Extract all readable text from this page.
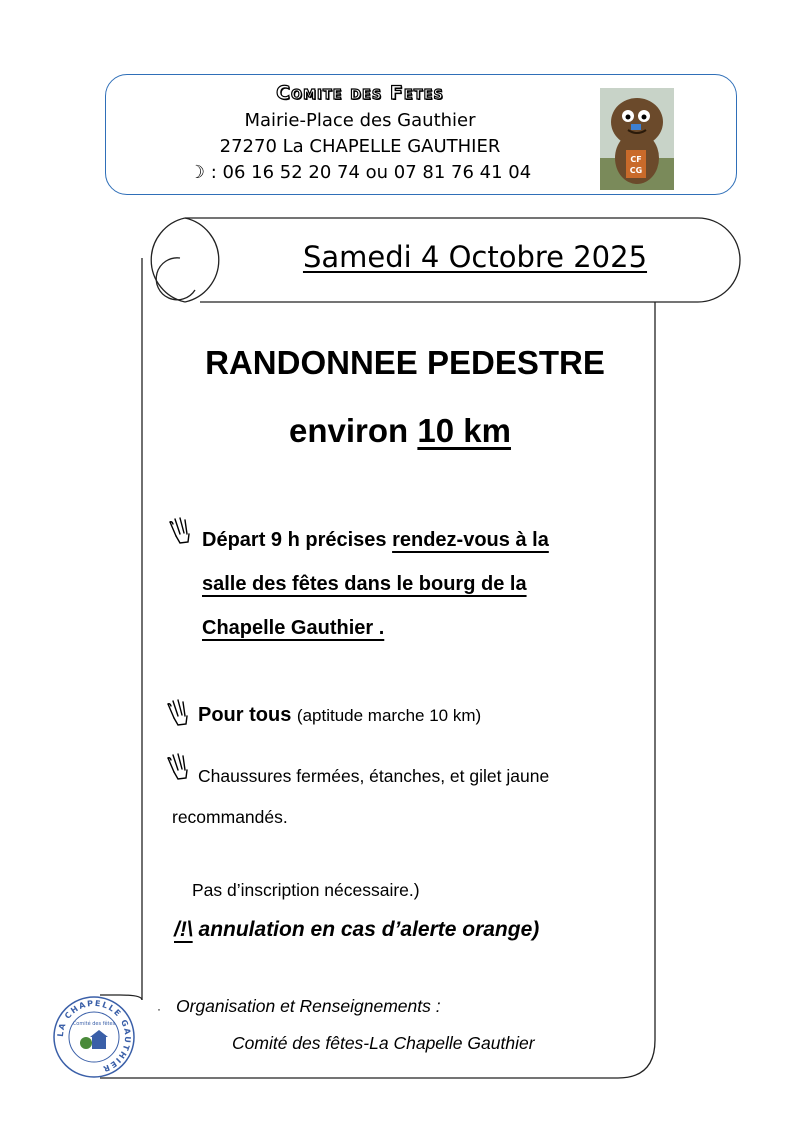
Comite des Fetes
Mairie-Place des Gauthier
27270 La CHAPELLE GAUTHIER
☽ : 06 16 52 20 74 ou 07 81 76 41 04
CF
CG
Samedi 4 Octobre 2025
RANDONNEE PEDESTRE
environ 10 km
Départ 9 h précises rendez-vous à la
salle des fêtes dans le bourg de la
Chapelle Gauthier .
Pour tous (aptitude marche 10 km)
Chaussures fermées, étanches, et gilet jaune
recommandés.
Pas d’inscription nécessaire.)
/!\ annulation en cas d’alerte orange)
· Organisation et Renseignements :
Comité des fêtes-La Chapelle Gauthier
LA CHAPELLE GAUTHIER
Comité des fêtes
